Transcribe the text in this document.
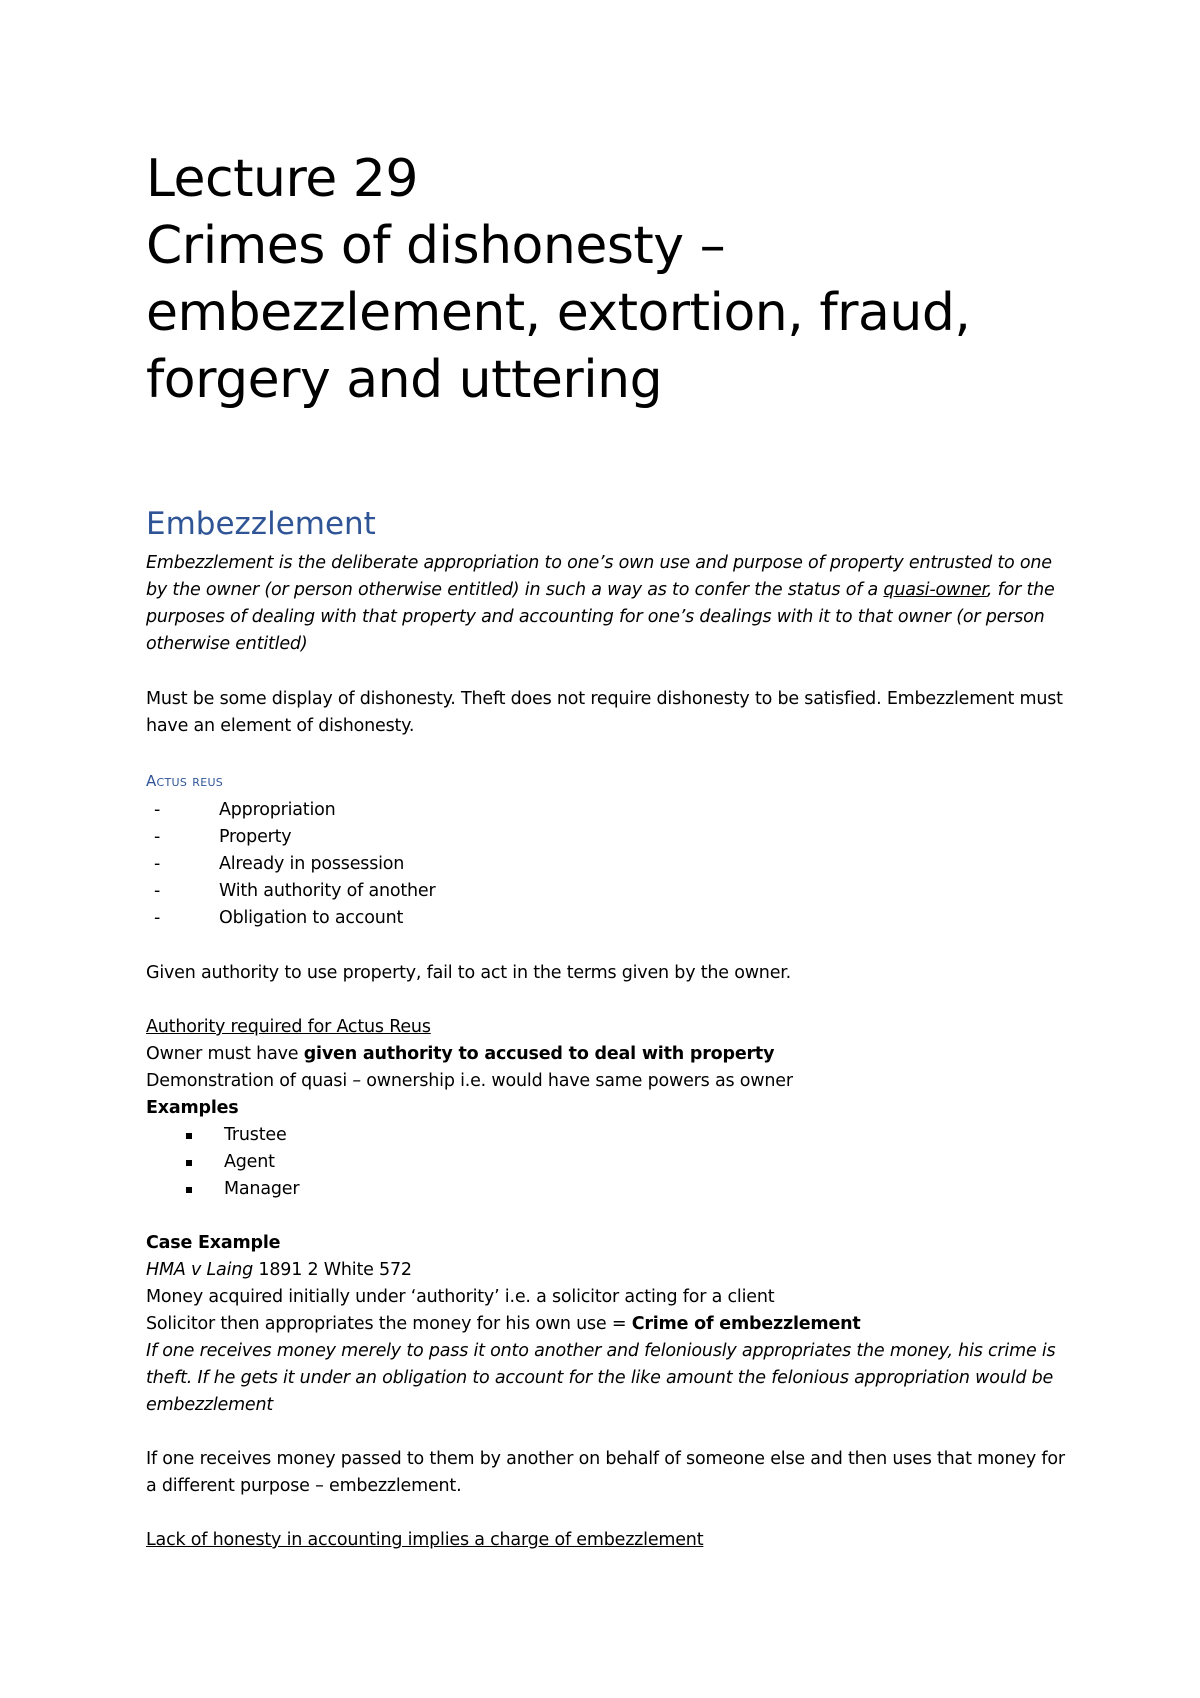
Lecture 29
Crimes of dishonesty –
embezzlement, extortion, fraud,
forgery and uttering
Embezzlement

Embezzlement is the deliberate appropriation to one’s own use and purpose of property entrusted to one by the owner (or person otherwise entitled) in such a way as to confer the status of a quasi-owner, for the purposes of dealing with that property and accounting for one’s dealings with it to that owner (or person otherwise entitled)

Must be some display of dishonesty. Theft does not require dishonesty to be satisfied. Embezzlement must have an element of dishonesty.

Actus reus
- Appropriation
- Property
- Already in possession
- With authority of another
- Obligation to account

Given authority to use property, fail to act in the terms given by the owner.

Authority required for Actus Reus

Owner must have given authority to accused to deal with property

Demonstration of quasi – ownership i.e. would have same powers as owner

Examples

Trustee
Agent
Manager

Case Example

HMA v Laing 1891 2 White 572

Money acquired initially under ‘authority’ i.e. a solicitor acting for a client

Solicitor then appropriates the money for his own use = Crime of embezzlement

If one receives money merely to pass it onto another and feloniously appropriates the money, his crime is theft. If he gets it under an obligation to account for the like amount the felonious appropriation would be embezzlement

If one receives money passed to them by another on behalf of someone else and then uses that money for a different purpose – embezzlement.

Lack of honesty in accounting implies a charge of embezzlement
